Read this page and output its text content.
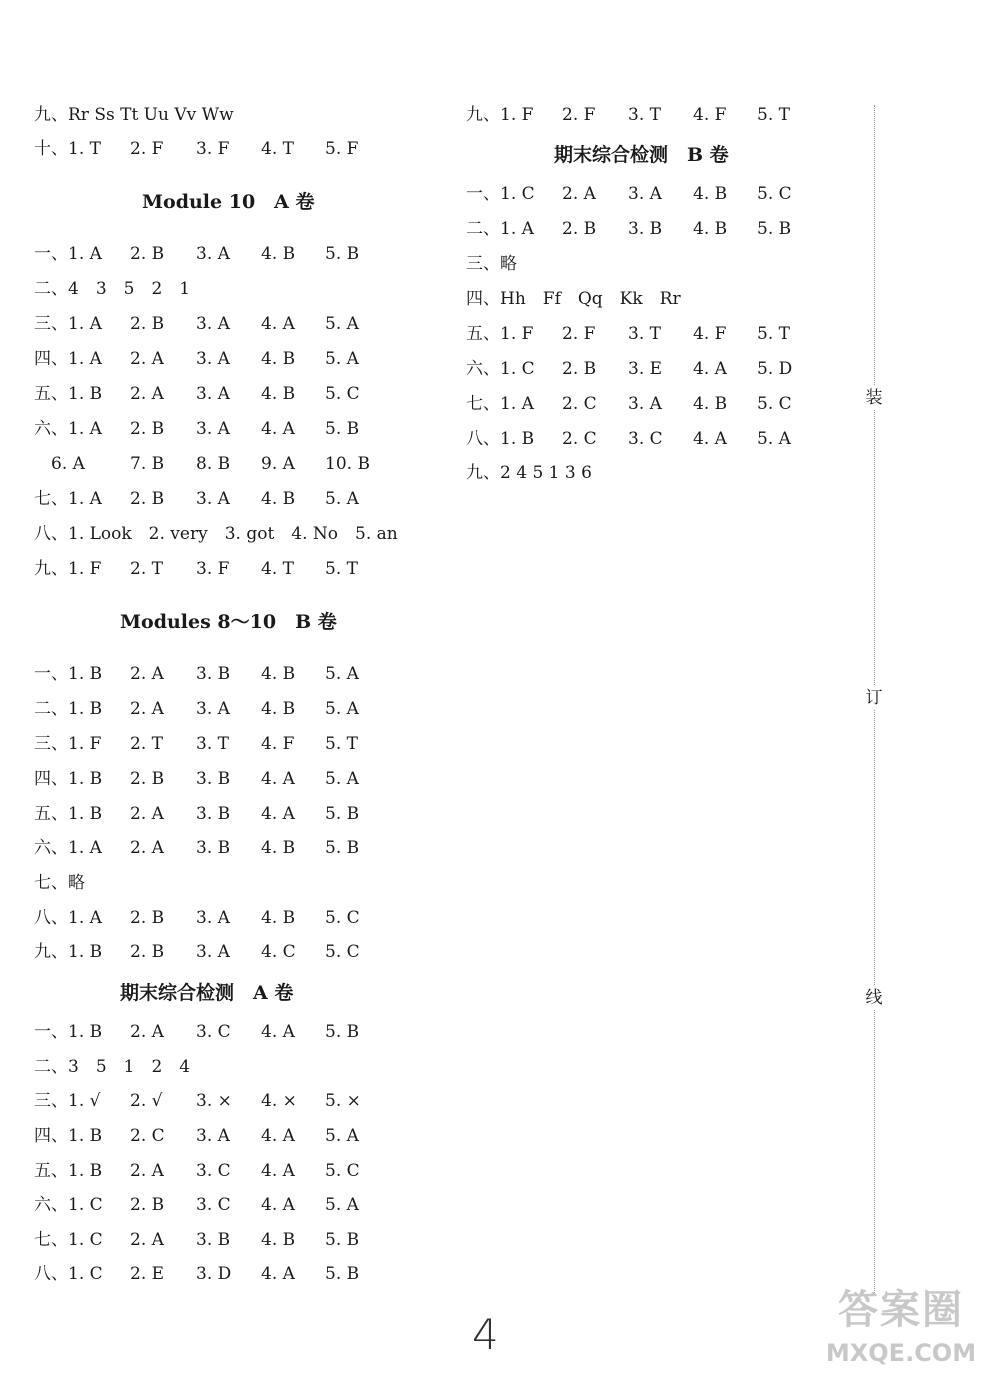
九、Rr Ss Tt Uu Vv Ww
十、1. T 2. F 3. F 4. T 5. F
Module 10　A 卷
一、1. A 2. B 3. A 4. B 5. B
二、4　3　5　2　1
三、1. A 2. B 3. A 4. A 5. A
四、1. A 2. A 3. A 4. B 5. A
五、1. B 2. A 3. A 4. B 5. C
六、1. A 2. B 3. A 4. A 5. B
　6. A	7. B 8. B 9. A 10. B
七、1. A 2. B 3. A 4. B 5. A
八、1. Look　2. very　3. got　4. No　5. an
九、1. F 2. T 3. F 4. T 5. T
Modules 8～10　B 卷
一、1. B 2. A 3. B 4. B 5. A
二、1. B 2. A 3. A 4. B 5. A
三、1. F 2. T 3. T 4. F 5. T
四、1. B 2. B 3. B 4. A 5. A
五、1. B 2. A 3. B 4. A 5. B
六、1. A 2. A 3. B 4. B 5. B
七、略
八、1. A 2. B 3. A 4. B 5. C
九、1. B 2. B 3. A 4. C 5. C
期末综合检测　A 卷
一、1. B 2. A 3. C 4. A 5. B
二、3　5　1　2　4
三、1. √ 2. √ 3. × 4. × 5. ×
四、1. B 2. C 3. A 4. A 5. A
五、1. B 2. A 3. C 4. A 5. C
六、1. C 2. B 3. C 4. A 5. A
七、1. C 2. A 3. B 4. B 5. B
八、1. C 2. E 3. D 4. A 5. B
九、1. F 2. F 3. T 4. F 5. T
期末综合检测　B 卷
一、1. C 2. A 3. A 4. B 5. C
二、1. A 2. B 3. B 4. B 5. B
三、略
四、Hh　Ff　Qq　Kk　Rr
五、1. F 2. F 3. T 4. F 5. T
六、1. C 2. B 3. E 4. A 5. D
七、1. A 2. C 3. A 4. B 5. C
八、1. B 2. C 3. C 4. A 5. A
九、2 4 5 1 3 6
装
订
线
4	答案圈
MXQE.COM
